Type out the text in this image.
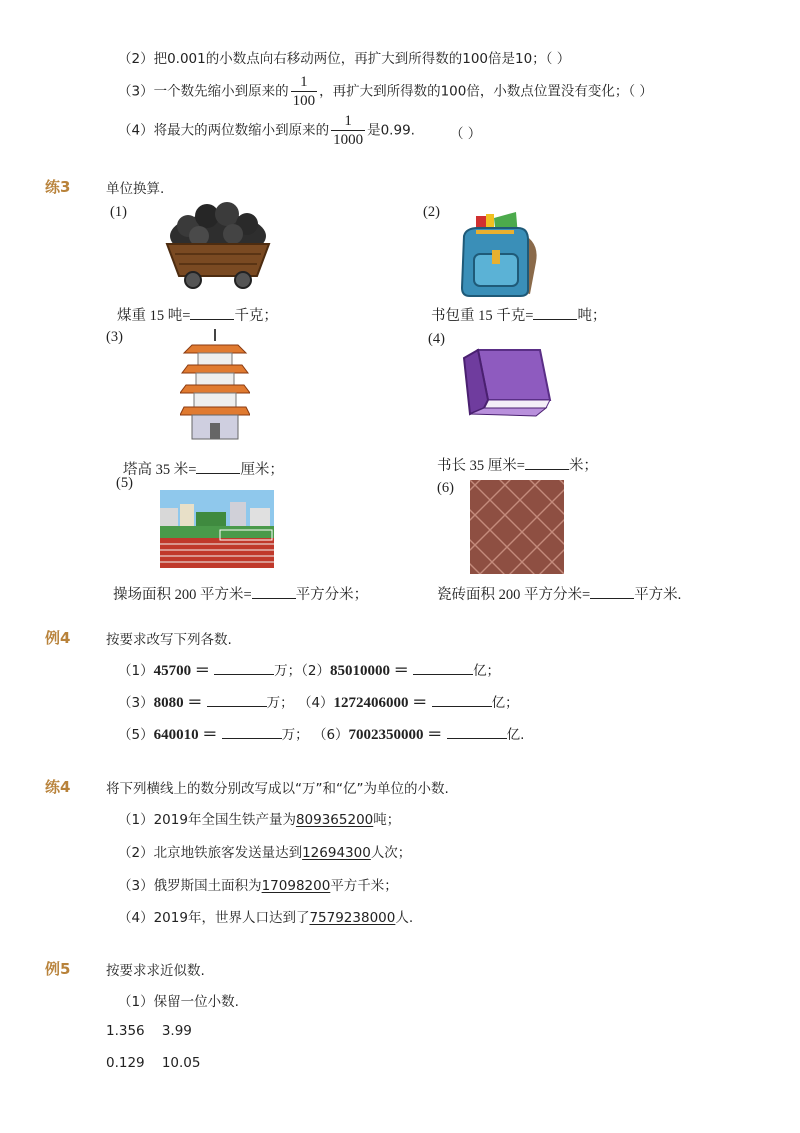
（2）把0.001的小数点向右移动两位，再扩大到所得数的100倍是10；（ ）
（3）一个数先缩小到原来的 $\frac{1}{100}$ ，再扩大到所得数的100倍，小数点位置没有变化；（ ）
（4）将最大的两位数缩小到原来的 $\frac{1}{1000}$ 是0.99.	（ ）
练3	单位换算.
(1)	(2)
(3)	(4)
(5)	(6)
煤重 15 吨=	千克；	书包重 15 千克=	吨；
塔高 35 米=	厘米；	书长 35 厘米=	米；
操场面积 200 平方米=	平方分米；	瓷砖面积 200 平方分米=	平方米.
例4	按要求改写下列各数.
（1）45700 ＝	万；（2）85010000 ＝	亿；
（3）8080 ＝	万； （4）1272406000 ＝	亿；
（5）640010 ＝	万； （6）7002350000 ＝	亿.
练4	将下列横线上的数分别改写成以“万”和“亿”为单位的小数.
（1）2019年全国生铁产量为809365200吨；
（2）北京地铁旅客发送量达到12694300人次；
（3）俄罗斯国土面积为17098200平方千米；
（4）2019年，世界人口达到了7579238000人.
例5	按要求求近似数.
（1）保留一位小数.
1.356    3.99
0.129    10.05
